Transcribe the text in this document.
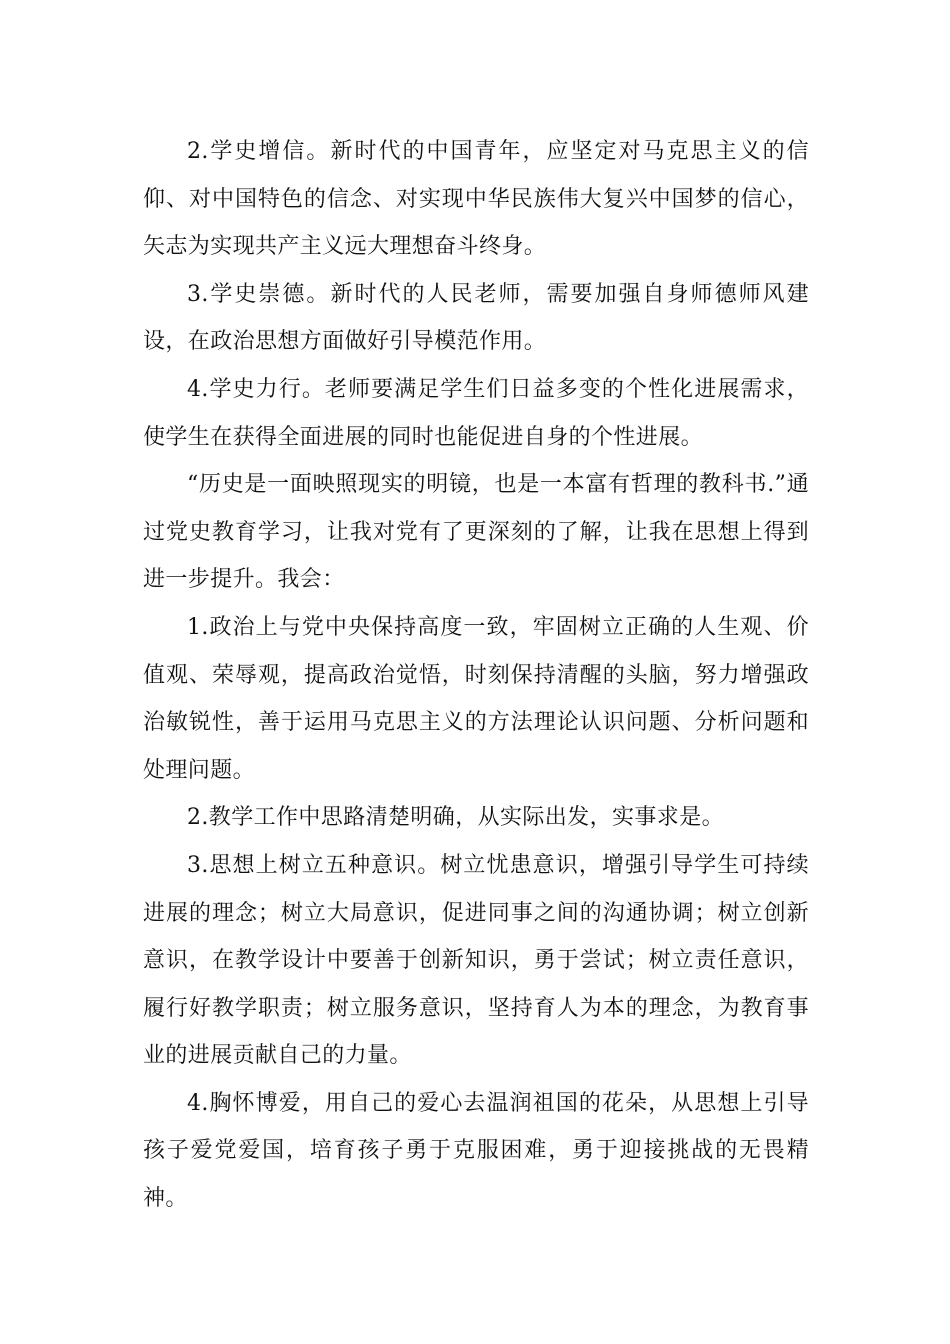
2.学史增信。新时代的中国青年，应坚定对马克思主义的信仰、对中国特色的信念、对实现中华民族伟大复兴中国梦的信心，矢志为实现共产主义远大理想奋斗终身。

3.学史崇德。新时代的人民老师，需要加强自身师德师风建设，在政治思想方面做好引导模范作用。

4.学史力行。老师要满足学生们日益多变的个性化进展需求，使学生在获得全面进展的同时也能促进自身的个性进展。

“历史是一面映照现实的明镜，也是一本富有哲理的教科书.”通过党史教育学习，让我对党有了更深刻的了解，让我在思想上得到进一步提升。我会：

1.政治上与党中央保持高度一致，牢固树立正确的人生观、价值观、荣辱观，提高政治觉悟，时刻保持清醒的头脑，努力增强政治敏锐性，善于运用马克思主义的方法理论认识问题、分析问题和处理问题。

2.教学工作中思路清楚明确，从实际出发，实事求是。

3.思想上树立五种意识。树立忧患意识，增强引导学生可持续进展的理念；树立大局意识，促进同事之间的沟通协调；树立创新意识，在教学设计中要善于创新知识，勇于尝试；树立责任意识，履行好教学职责；树立服务意识，坚持育人为本的理念，为教育事业的进展贡献自己的力量。

4.胸怀博爱，用自己的爱心去温润祖国的花朵，从思想上引导孩子爱党爱国，培育孩子勇于克服困难，勇于迎接挑战的无畏精神。
